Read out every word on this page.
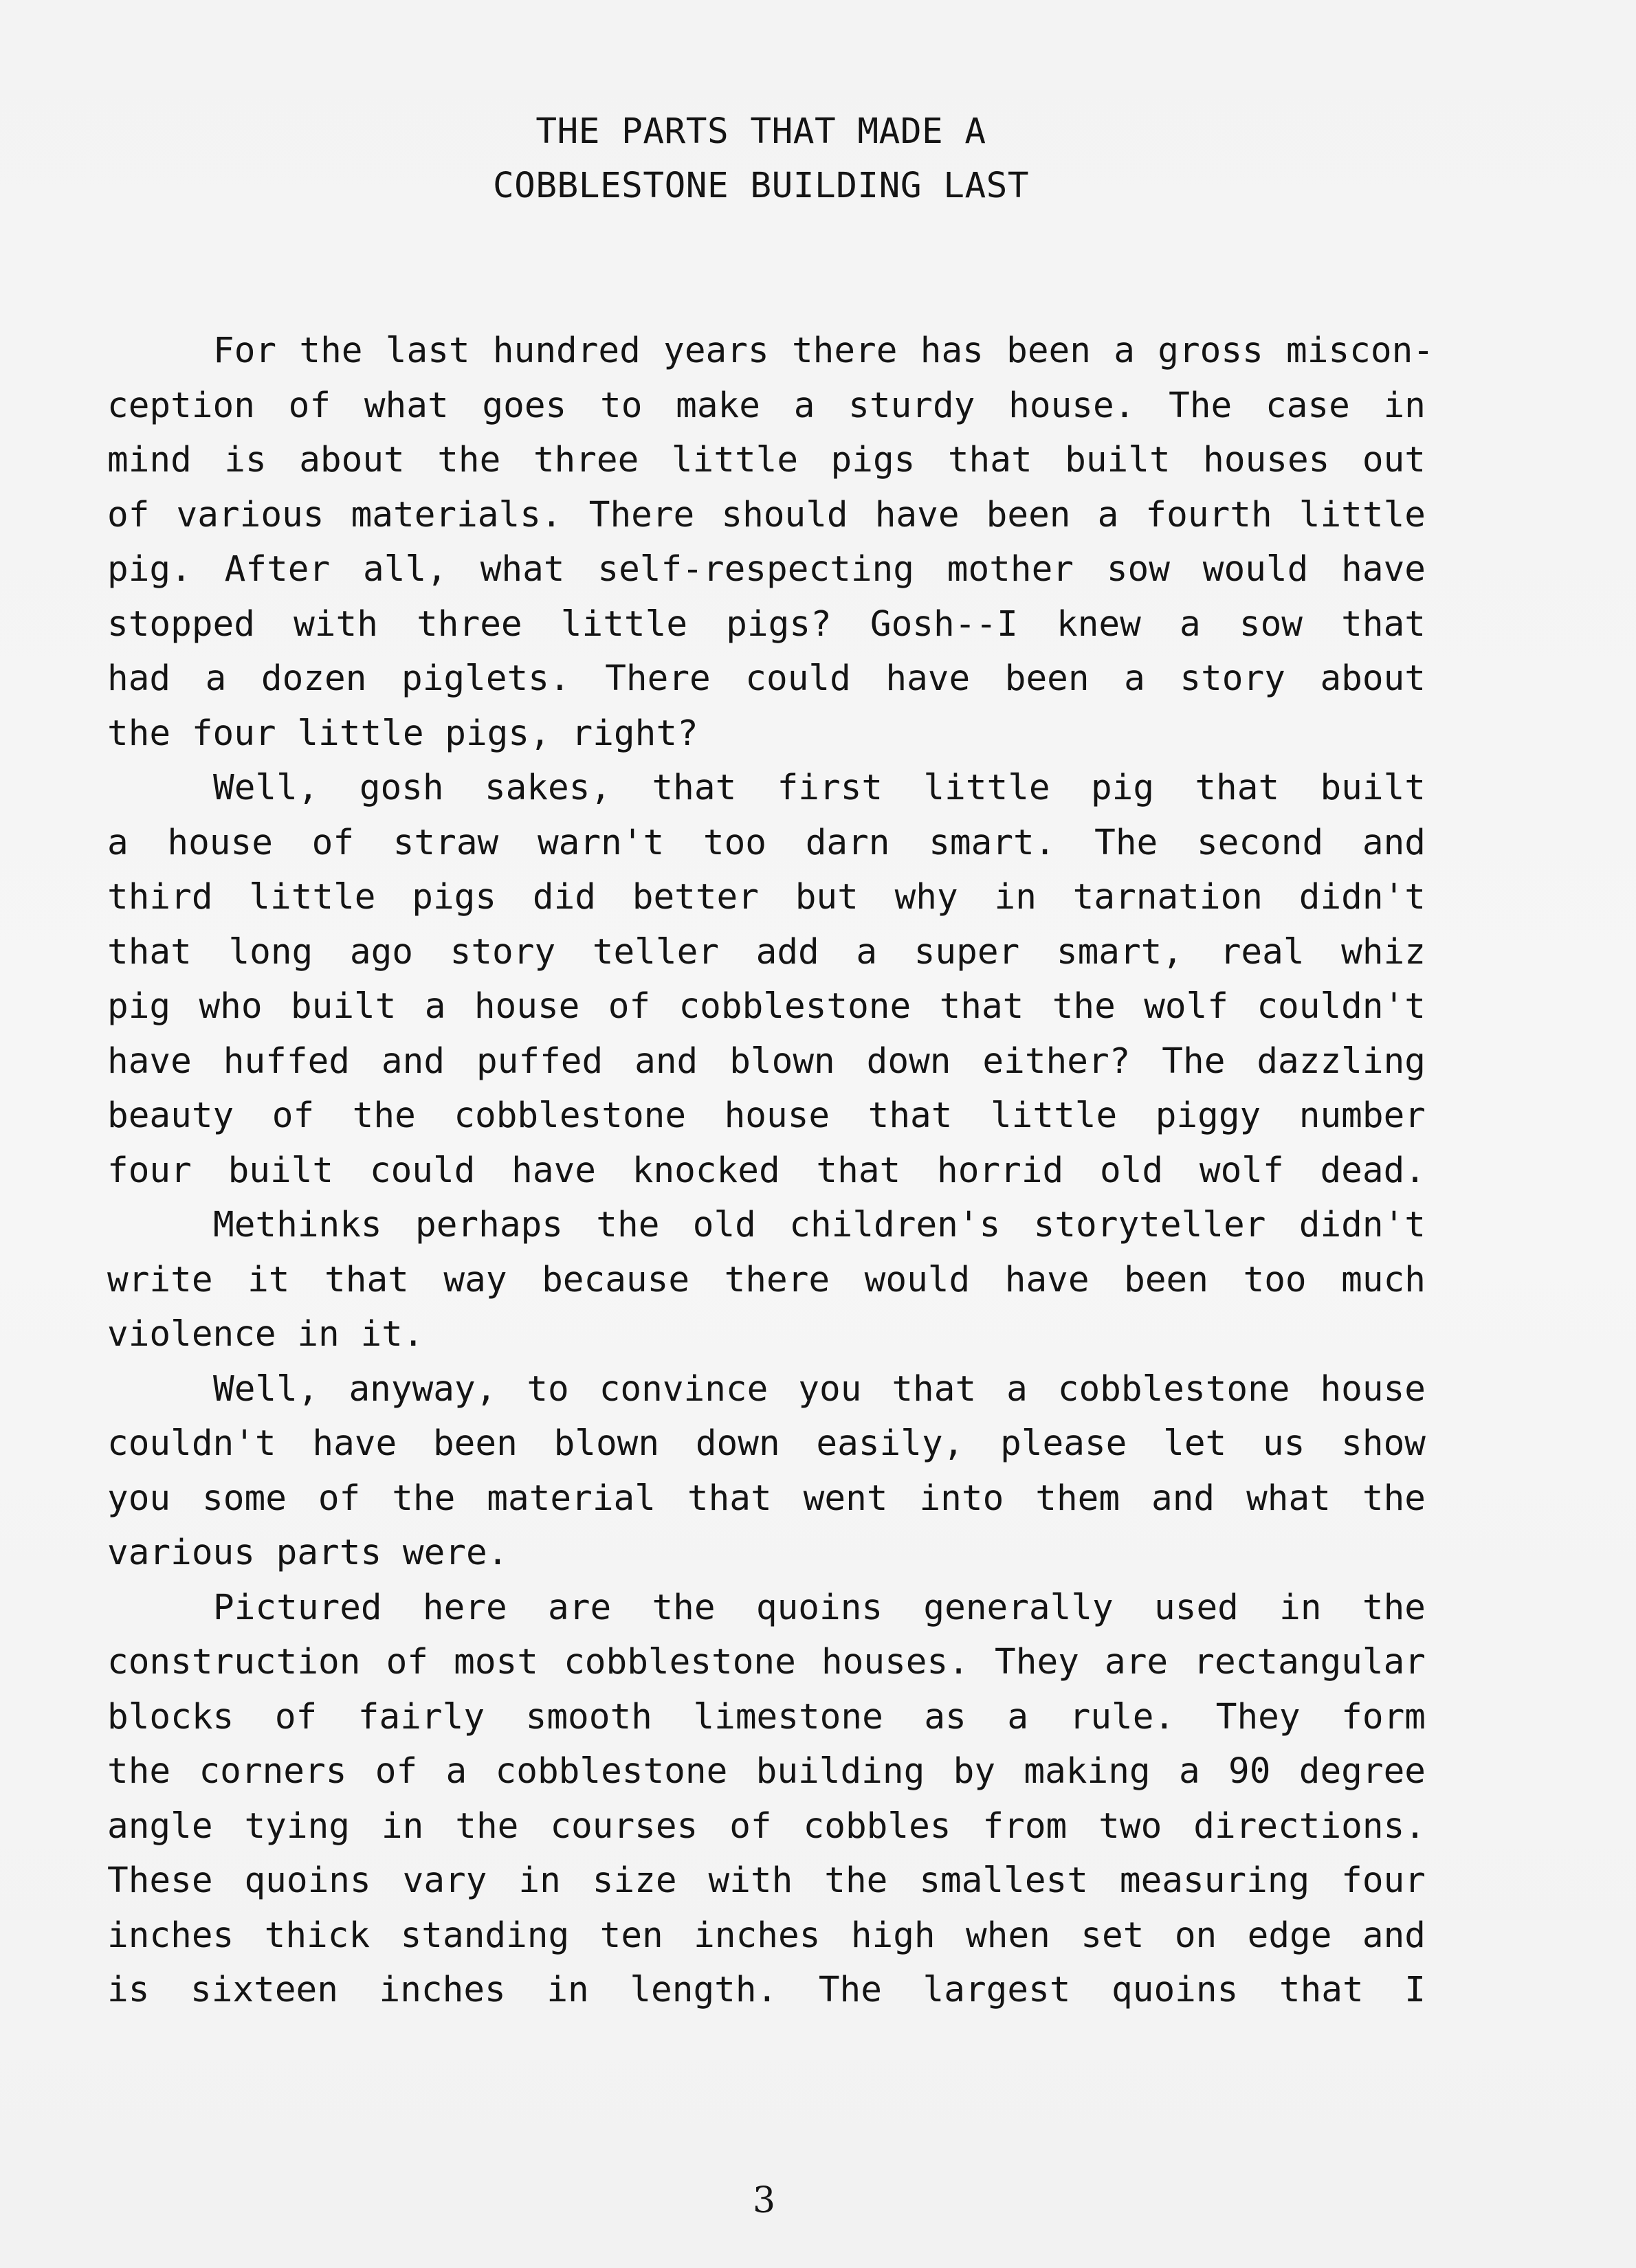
THE PARTS THAT MADE A
COBBLESTONE BUILDING LAST
For the last hundred years there has been a gross miscon-
ception of what goes to make a sturdy house. The case in
mind is about the three little pigs that built houses out
of various materials. There should have been a fourth little
pig. After all, what self-respecting mother sow would have
stopped with three little pigs? Gosh--I knew a sow that
had a dozen piglets. There could have been a story about
the four little pigs, right?
Well, gosh sakes, that first little pig that built
a house of straw warn't too darn smart. The second and
third little pigs did better but why in tarnation didn't
that long ago story teller add a super smart, real whiz
pig who built a house of cobblestone that the wolf couldn't
have huffed and puffed and blown down either? The dazzling
beauty of the cobblestone house that little piggy number
four built could have knocked that horrid old wolf dead.
Methinks perhaps the old children's storyteller didn't
write it that way because there would have been too much
violence in it.
Well, anyway, to convince you that a cobblestone house
couldn't have been blown down easily, please let us show
you some of the material that went into them and what the
various parts were.
Pictured here are the quoins generally used in the
construction of most cobblestone houses. They are rectangular
blocks of fairly smooth limestone as a rule. They form
the corners of a cobblestone building by making a 90 degree
angle tying in the courses of cobbles from two directions.
These quoins vary in size with the smallest measuring four
inches thick standing ten inches high when set on edge and
is sixteen inches in length. The largest quoins that I
3
